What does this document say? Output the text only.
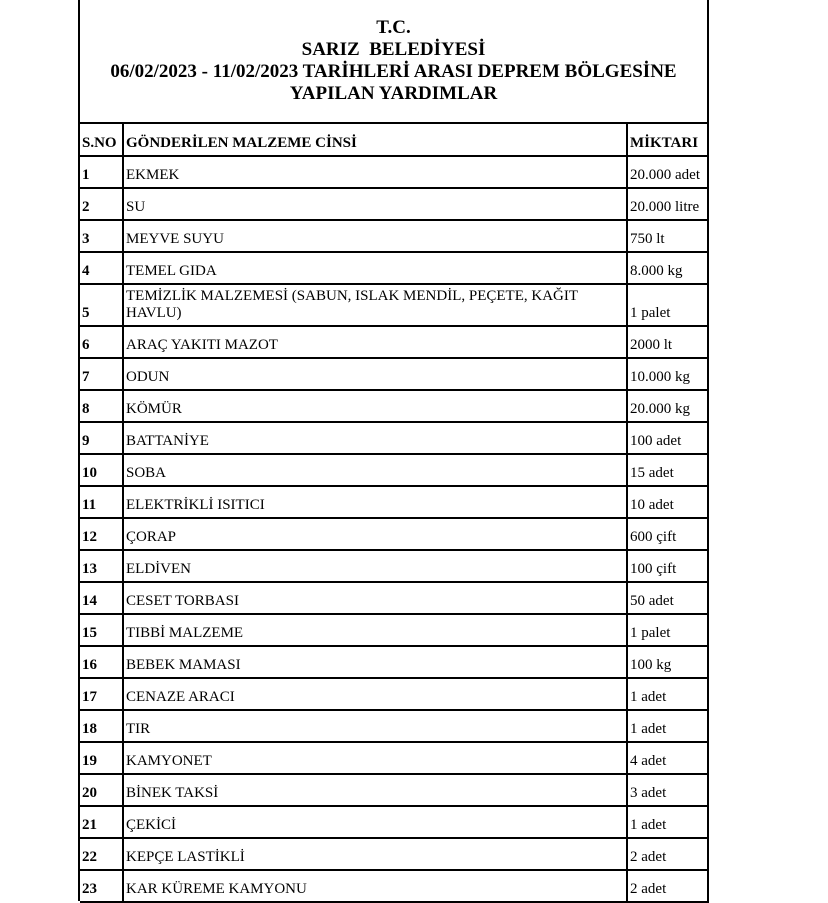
T.C.
SARIZ  BELEDİYESİ
06/02/2023 - 11/02/2023 TARİHLERİ ARASI DEPREM BÖLGESİNE
YAPILAN YARDIMLAR
S.NO	GÖNDERİLEN MALZEME CİNSİ	MİKTARI
1	EKMEK	20.000 adet
2	SU	20.000 litre
3	MEYVE SUYU	750 lt
4	TEMEL GIDA	8.000 kg
5	TEMİZLİK MALZEMESİ (SABUN, ISLAK MENDİL, PEÇETE, KAĞIT HAVLU)	1 palet
6	ARAÇ YAKITI MAZOT	2000 lt
7	ODUN	10.000 kg
8	KÖMÜR	20.000 kg
9	BATTANİYE	100 adet
10	SOBA	15 adet
11	ELEKTRİKLİ ISITICI	10 adet
12	ÇORAP	600 çift
13	ELDİVEN	100 çift
14	CESET TORBASI	50 adet
15	TIBBİ MALZEME	1 palet
16	BEBEK MAMASI	100 kg
17	CENAZE ARACI	1 adet
18	TIR	1 adet
19	KAMYONET	4 adet
20	BİNEK TAKSİ	3 adet
21	ÇEKİCİ	1 adet
22	KEPÇE LASTİKLİ	2 adet
23	KAR KÜREME KAMYONU	2 adet
